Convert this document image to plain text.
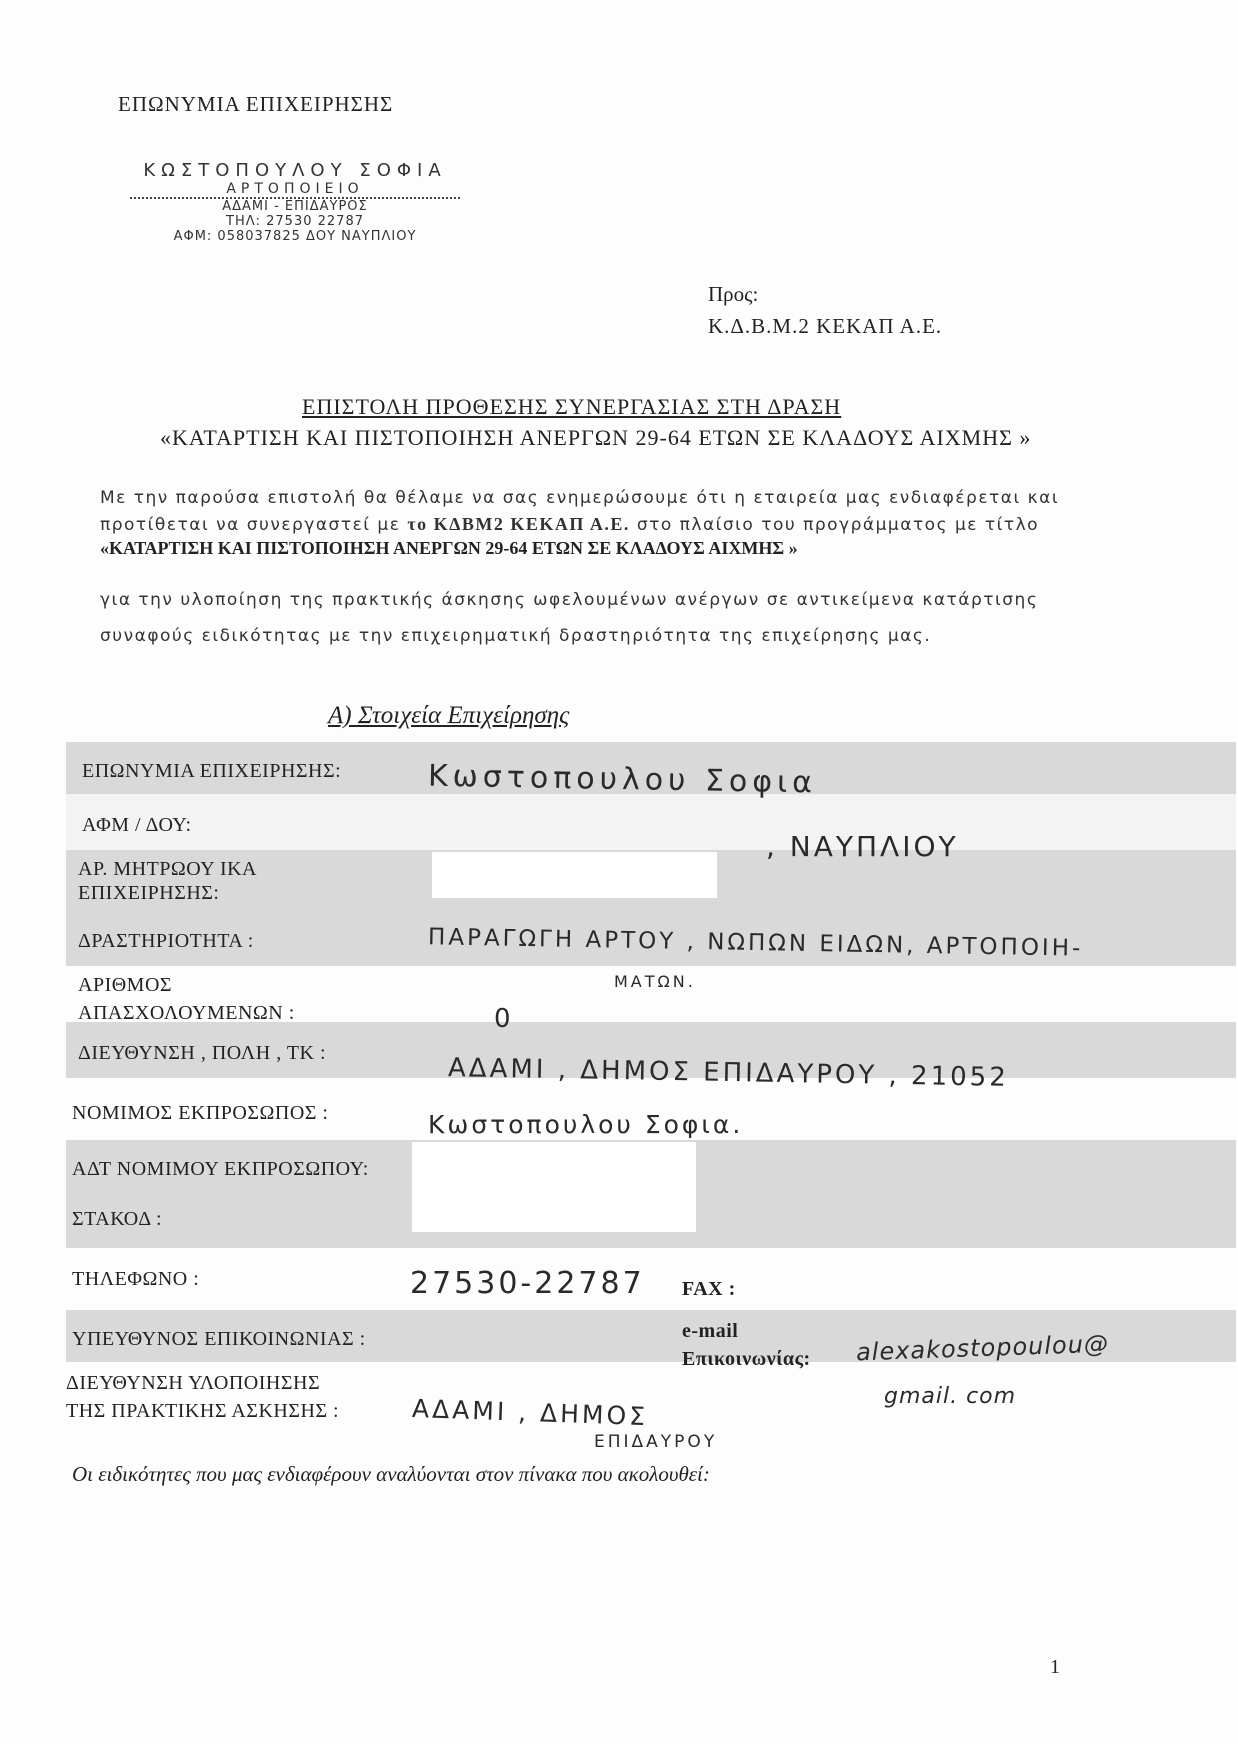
ΕΠΩΝΥΜΙΑ ΕΠΙΧΕΙΡΗΣΗΣ
ΚΩΣΤΟΠΟΥΛΟΥ ΣΟΦΙΑ
ΑΡΤΟΠΟΙΕΙΟ
ΑΔΑΜΙ - ΕΠΙΔΑΥΡΟΣ
ΤΗΛ: 27530 22787
ΑΦΜ: 058037825 ΔΟΥ ΝΑΥΠΛΙΟΥ
Προς:
Κ.Δ.Β.Μ.2 ΚΕΚΑΠ Α.Ε.
ΕΠΙΣΤΟΛΗ ΠΡΟΘΕΣΗΣ ΣΥΝΕΡΓΑΣΙΑΣ ΣΤΗ ΔΡΑΣΗ
«ΚΑΤΑΡΤΙΣΗ ΚΑΙ ΠΙΣΤΟΠΟΙΗΣΗ ΑΝΕΡΓΩΝ 29-64 ΕΤΩΝ ΣΕ ΚΛΑΔΟΥΣ ΑΙΧΜΗΣ »
Με την παρούσα επιστολή θα θέλαμε να σας ενημερώσουμε ότι η εταιρεία μας ενδιαφέρεται και
προτίθεται να συνεργαστεί με το ΚΔΒΜ2 ΚΕΚΑΠ Α.Ε. στο πλαίσιο του προγράμματος με τίτλο
«ΚΑΤΑΡΤΙΣΗ ΚΑΙ ΠΙΣΤΟΠΟΙΗΣΗ ΑΝΕΡΓΩΝ 29-64 ΕΤΩΝ ΣΕ ΚΛΑΔΟΥΣ ΑΙΧΜΗΣ »
για την υλοποίηση της πρακτικής άσκησης ωφελουμένων ανέργων σε αντικείμενα κατάρτισης
συναφούς ειδικότητας με την επιχειρηματική δραστηριότητα της επιχείρησης μας.
Α) Στοιχεία Επιχείρησης
ΕΠΩΝΥΜΙΑ ΕΠΙΧΕΙΡΗΣΗΣ:
ΑΦΜ / ΔΟΥ:
ΑΡ. ΜΗΤΡΩΟΥ ΙΚΑ
ΕΠΙΧΕΙΡΗΣΗΣ:
ΔΡΑΣΤΗΡΙΟΤΗΤΑ :
ΑΡΙΘΜΟΣ
ΑΠΑΣΧΟΛΟΥΜΕΝΩΝ :
ΔΙΕΥΘΥΝΣΗ , ΠΟΛΗ , ΤΚ :
ΝΟΜΙΜΟΣ ΕΚΠΡΟΣΩΠΟΣ :
ΑΔΤ ΝΟΜΙΜΟΥ ΕΚΠΡΟΣΩΠΟΥ:
ΣΤΑΚΟΔ :
ΤΗΛΕΦΩΝΟ :	FAX :
ΥΠΕΥΘΥΝΟΣ ΕΠΙΚΟΙΝΩΝΙΑΣ :	e-mail
Επικοινωνίας:
ΔΙΕΥΘΥΝΣΗ ΥΛΟΠΟΙΗΣΗΣ
ΤΗΣ ΠΡΑΚΤΙΚΗΣ ΑΣΚΗΣΗΣ :
Κωστοπουλου Σοφια
, ΝΑΥΠΛΙΟΥ
ΠΑΡΑΓΩΓΗ ΑΡΤΟΥ , ΝΩΠΩΝ ΕΙΔΩΝ, ΑΡΤΟΠΟΙΗ-
ΜΑΤΩΝ.
0
ΑΔΑΜΙ , ΔΗΜΟΣ ΕΠΙΔΑΥΡΟΥ , 21052
Κωστοπουλου Σοφια.
27530-22787
alexakostopoulou@
gmail. com
ΑΔΑΜΙ , ΔΗΜΟΣ
ΕΠΙΔΑΥΡΟΥ
Οι ειδικότητες που μας ενδιαφέρουν αναλύονται στον πίνακα που ακολουθεί:
1
